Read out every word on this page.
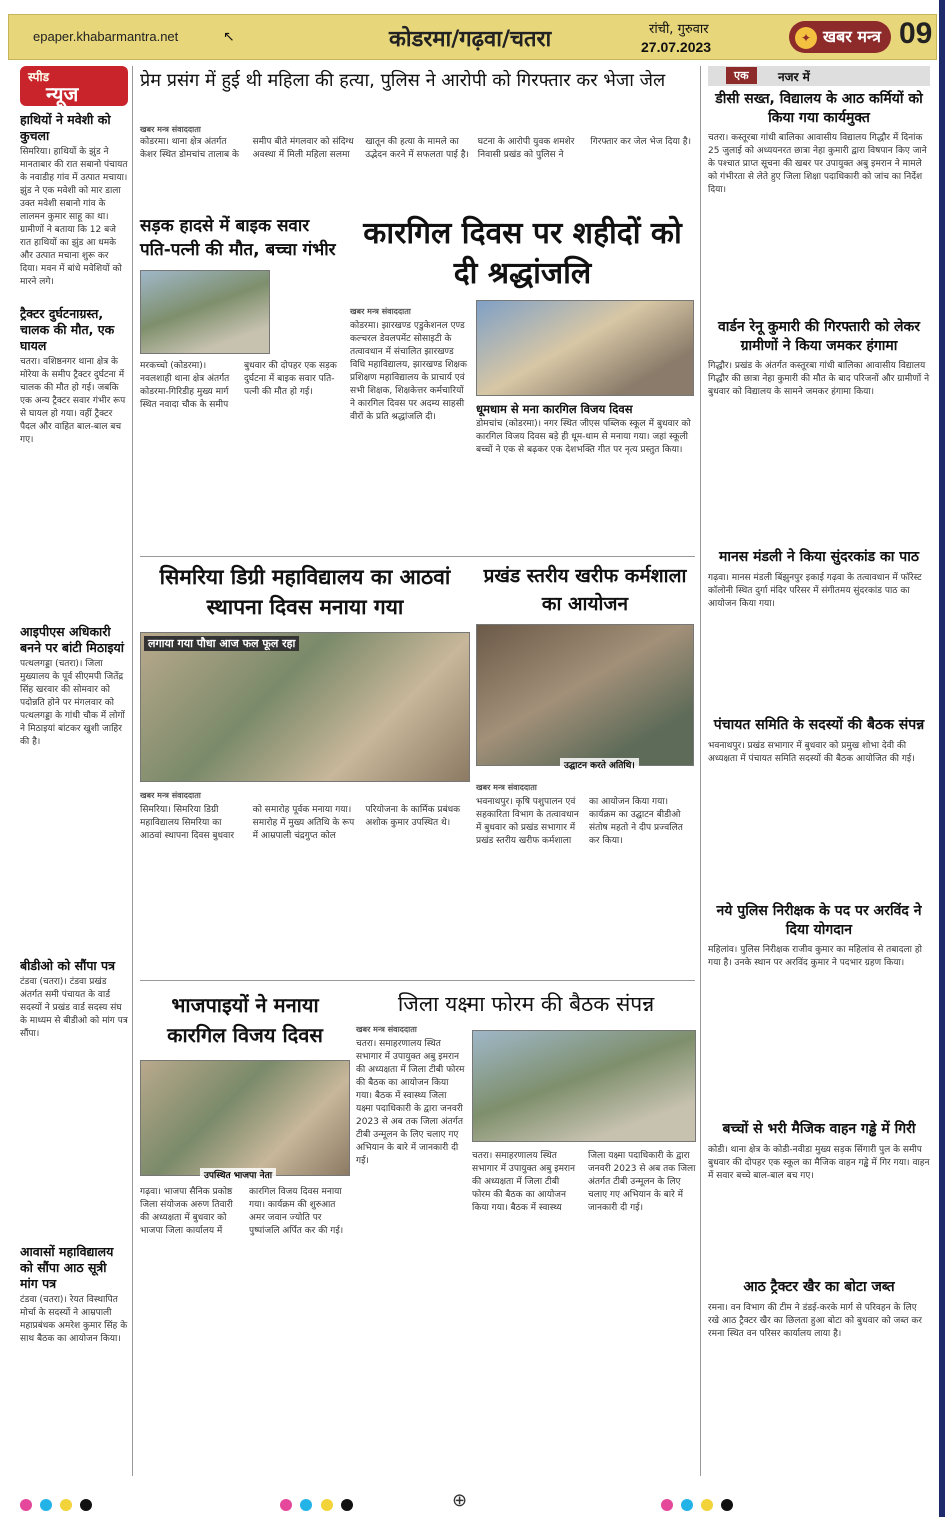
epaper.khabarmantra.net	↖	कोडरमा/गढ़वा/चतरा	रांची, गुरुवार
27.07.2023
✦ खबर मन्त्र 09
स्पीड
न्यूज
हाथियों ने मवेशी को कुचला

सिमरिया। हाथियों के झुंड ने मानताबार की रात सबानो पंचायत के नवाडीह गांव में उत्पात मचाया। झुंड ने एक मवेशी को मार डाला उक्त मवेशी सबानो गांव के लालमन कुमार साहू का था। ग्रामीणों ने बताया कि 12 बजे रात हाथियों का झुंड आ धमके और उत्पात मचाना शुरू कर दिया। मवन में बांधे मवेशियों को मारने लगे।

ट्रैक्टर दुर्घटनाग्रस्त, चालक की मौत, एक घायल

चतरा। वशिष्ठनगर थाना क्षेत्र के मोरेया के समीप ट्रैक्टर दुर्घटना में चालक की मौत हो गई। जबकि एक अन्य ट्रैक्टर सवार गंभीर रूप से घायल हो गया। वहीं ट्रैक्टर पैदल और वाहित बाल-बाल बच गए।

आइपीएस अधिकारी बनने पर बांटी मिठाइयां

पत्थलगड्डा (चतरा)। जिला मुख्यालय के पूर्व सीएमपी जितेंद्र सिंह खरवार की सोमवार को पदोन्नति होने पर मंगलवार को पत्थलगड्डा के गांधी चौक में लोगों ने मिठाइयां बांटकर खुशी जाहिर की है।

बीडीओ को सौंपा पत्र

टंडवा (चतरा)। टंडवा प्रखंड अंतर्गत समी पंचायत के वार्ड सदस्यों ने प्रखंड वार्ड सदस्य संघ के माध्यम से बीडीओ को मांग पत्र सौंपा।

आवासों महाविद्यालय को सौंपा आठ सूत्री मांग पत्र

टंडवा (चतरा)। रेयत विस्थापित मोर्चा के सदस्यों ने आम्रपाली महाप्रबंधक अमरेश कुमार सिंह के साथ बैठक का आयोजन किया।

प्रेम प्रसंग में हुई थी महिला की हत्या, पुलिस ने आरोपी को गिरफ्तार कर भेजा जेल
खबर मन्त्र संवाददाता
कोडरमा। थाना क्षेत्र अंतर्गत केशर स्थित डोमचांच तालाब के समीप बीते मंगलवार को संदिग्ध अवस्था में मिली महिला सलमा खातून की हत्या के मामले का उद्भेदन करने में सफलता पाई है। घटना के आरोपी युवक शमशेर निवासी प्रखंड को पुलिस ने गिरफ्तार कर जेल भेज दिया है।
सड़क हादसे में बाइक सवार पति-पत्नी की मौत, बच्चा गंभीर
मरकच्चो (कोडरमा)। नवलशाही थाना क्षेत्र अंतर्गत कोडरमा-गिरिडीह मुख्य मार्ग स्थित नवादा चौक के समीप बुधवार की दोपहर एक सड़क दुर्घटना में बाइक सवार पति-पत्नी की मौत हो गई।
कारगिल दिवस पर शहीदों को दी श्रद्धांजलि
खबर मन्त्र संवाददाता
कोडरमा। झारखण्ड एडुकेशनल एण्ड कल्चरल डेवलपमेंट सोसाइटी के तत्वावधान में संचालित झारखण्ड विधि महाविद्यालय, झारखण्ड शिक्षक प्रशिक्षण महाविद्यालय के प्राचार्य एवं सभी शिक्षक, शिक्षकेत्तर कर्मचारियों ने कारगिल दिवस पर अदम्य साहसी वीरों के प्रति श्रद्धांजलि दी।
धूमधाम से मना कारगिल विजय दिवस
डोमचांच (कोडरमा)। नगर स्थित जीएस पब्लिक स्कूल में बुधवार को कारगिल विजय दिवस बड़े ही धूम-धाम से मनाया गया। जहां स्कूली बच्चों ने एक से बढ़कर एक देशभक्ति गीत पर नृत्य प्रस्तुत किया।
सिमरिया डिग्री महाविद्यालय का आठवां स्थापना दिवस मनाया गया
लगाया गया पौधा आज फल फूल रहा
खबर मन्त्र संवाददाता
सिमरिया। सिमरिया डिग्री महाविद्यालय सिमरिया का आठवां स्थापना दिवस बुधवार को समारोह पूर्वक मनाया गया। समारोह में मुख्य अतिथि के रूप में आम्रपाली चंद्रगुप्त कोल परियोजना के कार्मिक प्रबंधक अशोक कुमार उपस्थित थे।
प्रखंड स्तरीय खरीफ कर्मशाला का आयोजन
उद्घाटन करते अतिथि।
खबर मन्त्र संवाददाता
भवनाथपुर। कृषि पशुपालन एवं सहकारिता विभाग के तत्वावधान में बुधवार को प्रखंड सभागार में प्रखंड स्तरीय खरीफ कर्मशाला का आयोजन किया गया। कार्यक्रम का उद्घाटन बीडीओ संतोष महतो ने दीप प्रज्वलित कर किया।
भाजपाइयों ने मनाया कारगिल विजय दिवस
उपस्थित भाजपा नेता
गढ़वा। भाजपा सैनिक प्रकोष्ठ जिला संयोजक अरुण तिवारी की अध्यक्षता में बुधवार को भाजपा जिला कार्यालय में कारगिल विजय दिवस मनाया गया। कार्यक्रम की शुरुआत अमर जवान ज्योति पर पुष्पांजलि अर्पित कर की गई।
जिला यक्ष्मा फोरम की बैठक संपन्न
खबर मन्त्र संवाददाता
चतरा। समाहरणालय स्थित सभागार में उपायुक्त अबु इमरान की अध्यक्षता में जिला टीबी फोरम की बैठक का आयोजन किया गया। बैठक में स्वास्थ्य जिला यक्ष्मा पदाधिकारी के द्वारा जनवरी 2023 से अब तक जिला अंतर्गत टीबी उन्मूलन के लिए चलाए गए अभियान के बारे में जानकारी दी गई।	चतरा। समाहरणालय स्थित सभागार में उपायुक्त अबु इमरान की अध्यक्षता में जिला टीबी फोरम की बैठक का आयोजन किया गया। बैठक में स्वास्थ्य जिला यक्ष्मा पदाधिकारी के द्वारा जनवरी 2023 से अब तक जिला अंतर्गत टीबी उन्मूलन के लिए चलाए गए अभियान के बारे में जानकारी दी गई।
एक	नजर में
डीसी सख्त, विद्यालय के आठ कर्मियों को किया गया कार्यमुक्त
चतरा। कस्तूरबा गांधी बालिका आवासीय विद्यालय गिद्धौर में दिनांक 25 जुलाई को अध्ययनरत छात्रा नेहा कुमारी द्वारा विषपान किए जाने के पश्चात प्राप्त सूचना की खबर पर उपायुक्त अबु इमरान ने मामले को गंभीरता से लेते हुए जिला शिक्षा पदाधिकारी को जांच का निर्देश दिया।
वार्डन रेनू कुमारी की गिरफ्तारी को लेकर ग्रामीणों ने किया जमकर हंगामा
गिद्धौर। प्रखंड के अंतर्गत कस्तूरबा गांधी बालिका आवासीय विद्यालय गिद्धौर की छात्रा नेहा कुमारी की मौत के बाद परिजनों और ग्रामीणों ने बुधवार को विद्यालय के सामने जमकर हंगामा किया।
मानस मंडली ने किया सुंदरकांड का पाठ
गढ़वा। मानस मंडली बिंझुनपुर इकाई गढ़वा के तत्वावधान में फॉरेस्ट कॉलोनी स्थित दुर्गा मंदिर परिसर में संगीतमय सुंदरकांड पाठ का आयोजन किया गया।
पंचायत समिति के सदस्यों की बैठक संपन्न
भवनाथपुर। प्रखंड सभागार में बुधवार को प्रमुख शोभा देवी की अध्यक्षता में पंचायत समिति सदस्यों की बैठक आयोजित की गई।
नये पुलिस निरीक्षक के पद पर अरविंद ने दिया योगदान
महिलांव। पुलिस निरीक्षक राजीव कुमार का महिलांव से तबादला हो गया है। उनके स्थान पर अरविंद कुमार ने पदभार ग्रहण किया।
बच्चों से भरी मैजिक वाहन गड्ढे में गिरी
कोडी। थाना क्षेत्र के कोडी-नवीडा मुख्य सड़क सिंगारी पुल के समीप बुधवार की दोपहर एक स्कूल का मैजिक वाहन गड्ढे में गिर गया। वाहन में सवार बच्चे बाल-बाल बच गए।
आठ ट्रैक्टर खैर का बोटा जब्त
रमना। वन विभाग की टीम ने डंडई-करके मार्ग से परिवहन के लिए रखे आठ ट्रैक्टर खैर का छिलता हुआ बोटा को बुधवार को जब्त कर रमना स्थित वन परिसर कार्यालय लाया है।

⊕
